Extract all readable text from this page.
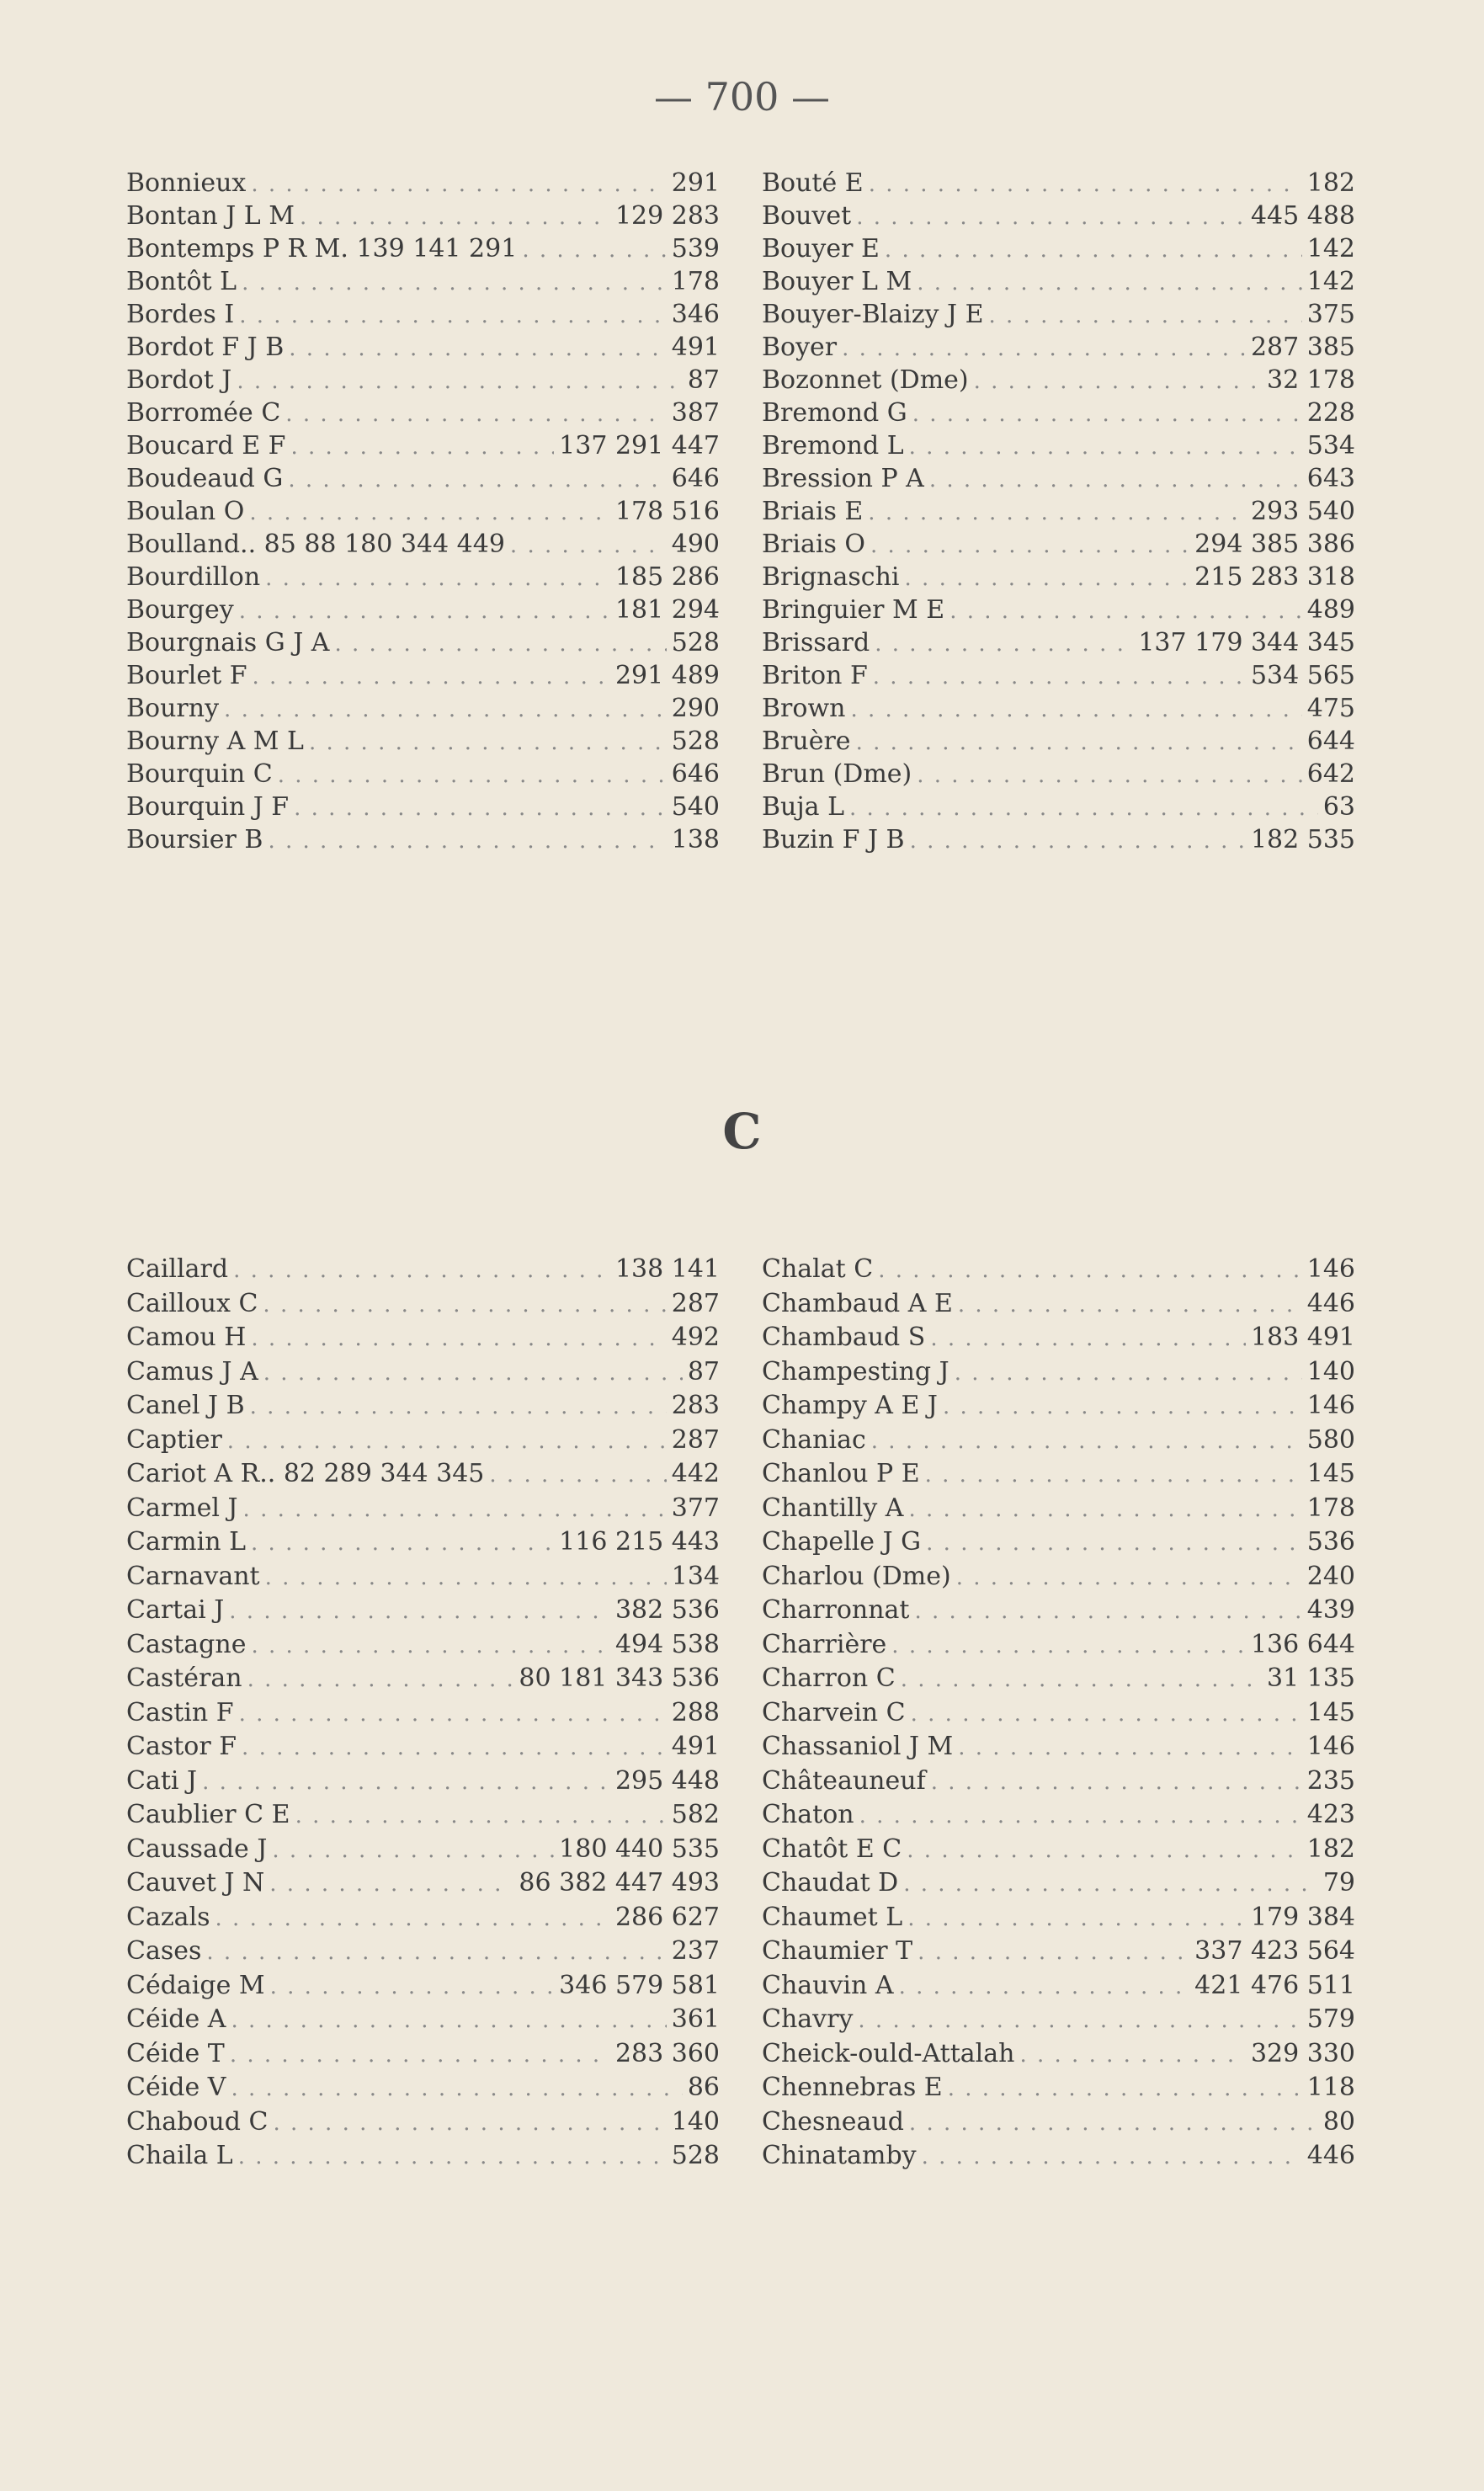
— 700 —
Bonnieux . . .	291
Bontan J L M . . .	129 283
Bontemps P R M. 139 141 291 . . .	539
Bontôt L . . .	178
Bordes I . . .	346
Bordot F J B . . .	491
Bordot J . . .	87
Borromée C . . .	387
Boucard E F . . .	137 291 447
Boudeaud G . . .	646
Boulan O . . .	178 516
Boulland.. 85 88 180 344 449 . . .	490
Bourdillon . . .	185 286
Bourgey . . .	181 294
Bourgnais G J A . . .	528
Bourlet F . . .	291 489
Bourny . . .	290
Bourny A M L . . .	528
Bourquin C . . .	646
Bourquin J F . . .	540
Boursier B . . .	138
Bouté E . . .	182
Bouvet . . .	445 488
Bouyer E . . .	142
Bouyer L M . . .	142
Bouyer-Blaizy J E . . .	375
Boyer . . .	287 385
Bozonnet (Dme) . . .	32 178
Bremond G . . .	228
Bremond L . . .	534
Bression P A . . .	643
Briais E . . .	293 540
Briais O . . .	294 385 386
Brignaschi . . .	215 283 318
Bringuier M E . . .	489
Brissard . . .	137 179 344 345
Briton F . . .	534 565
Brown . . .	475
Bruère . . .	644
Brun (Dme) . . .	642
Buja L . . .	63
Buzin F J B . . .	182 535
C
Caillard . . .	138 141
Cailloux C . . .	287
Camou H . . .	492
Camus J A . . .	87
Canel J B . . .	283
Captier . . .	287
Cariot A R.. 82 289 344 345 . . .	442
Carmel J . . .	377
Carmin L . . .	116 215 443
Carnavant . . .	134
Cartai J . . .	382 536
Castagne . . .	494 538
Castéran . . .	80 181 343 536
Castin F . . .	288
Castor F . . .	491
Cati J . . .	295 448
Caublier C E . . .	582
Caussade J . . .	180 440 535
Cauvet J N . . .	86 382 447 493
Cazals . . .	286 627
Cases . . .	237
Cédaige M . . .	346 579 581
Céide A . . .	361
Céide T . . .	283 360
Céide V . . .	86
Chaboud C . . .	140
Chaila L . . .	528
Chalat C . . .	146
Chambaud A E . . .	446
Chambaud S . . .	183 491
Champesting J . . .	140
Champy A E J . . .	146
Chaniac . . .	580
Chanlou P E . . .	145
Chantilly A . . .	178
Chapelle J G . . .	536
Charlou (Dme) . . .	240
Charronnat . . .	439
Charrière . . .	136 644
Charron C . . .	31 135
Charvein C . . .	145
Chassaniol J M . . .	146
Châteauneuf . . .	235
Chaton . . .	423
Chatôt E C . . .	182
Chaudat D . . .	79
Chaumet L . . .	179 384
Chaumier T . . .	337 423 564
Chauvin A . . .	421 476 511
Chavry . . .	579
Cheick-ould-Attalah . . .	329 330
Chennebras E . . .	118
Chesneaud . . .	80
Chinatamby . . .	446
